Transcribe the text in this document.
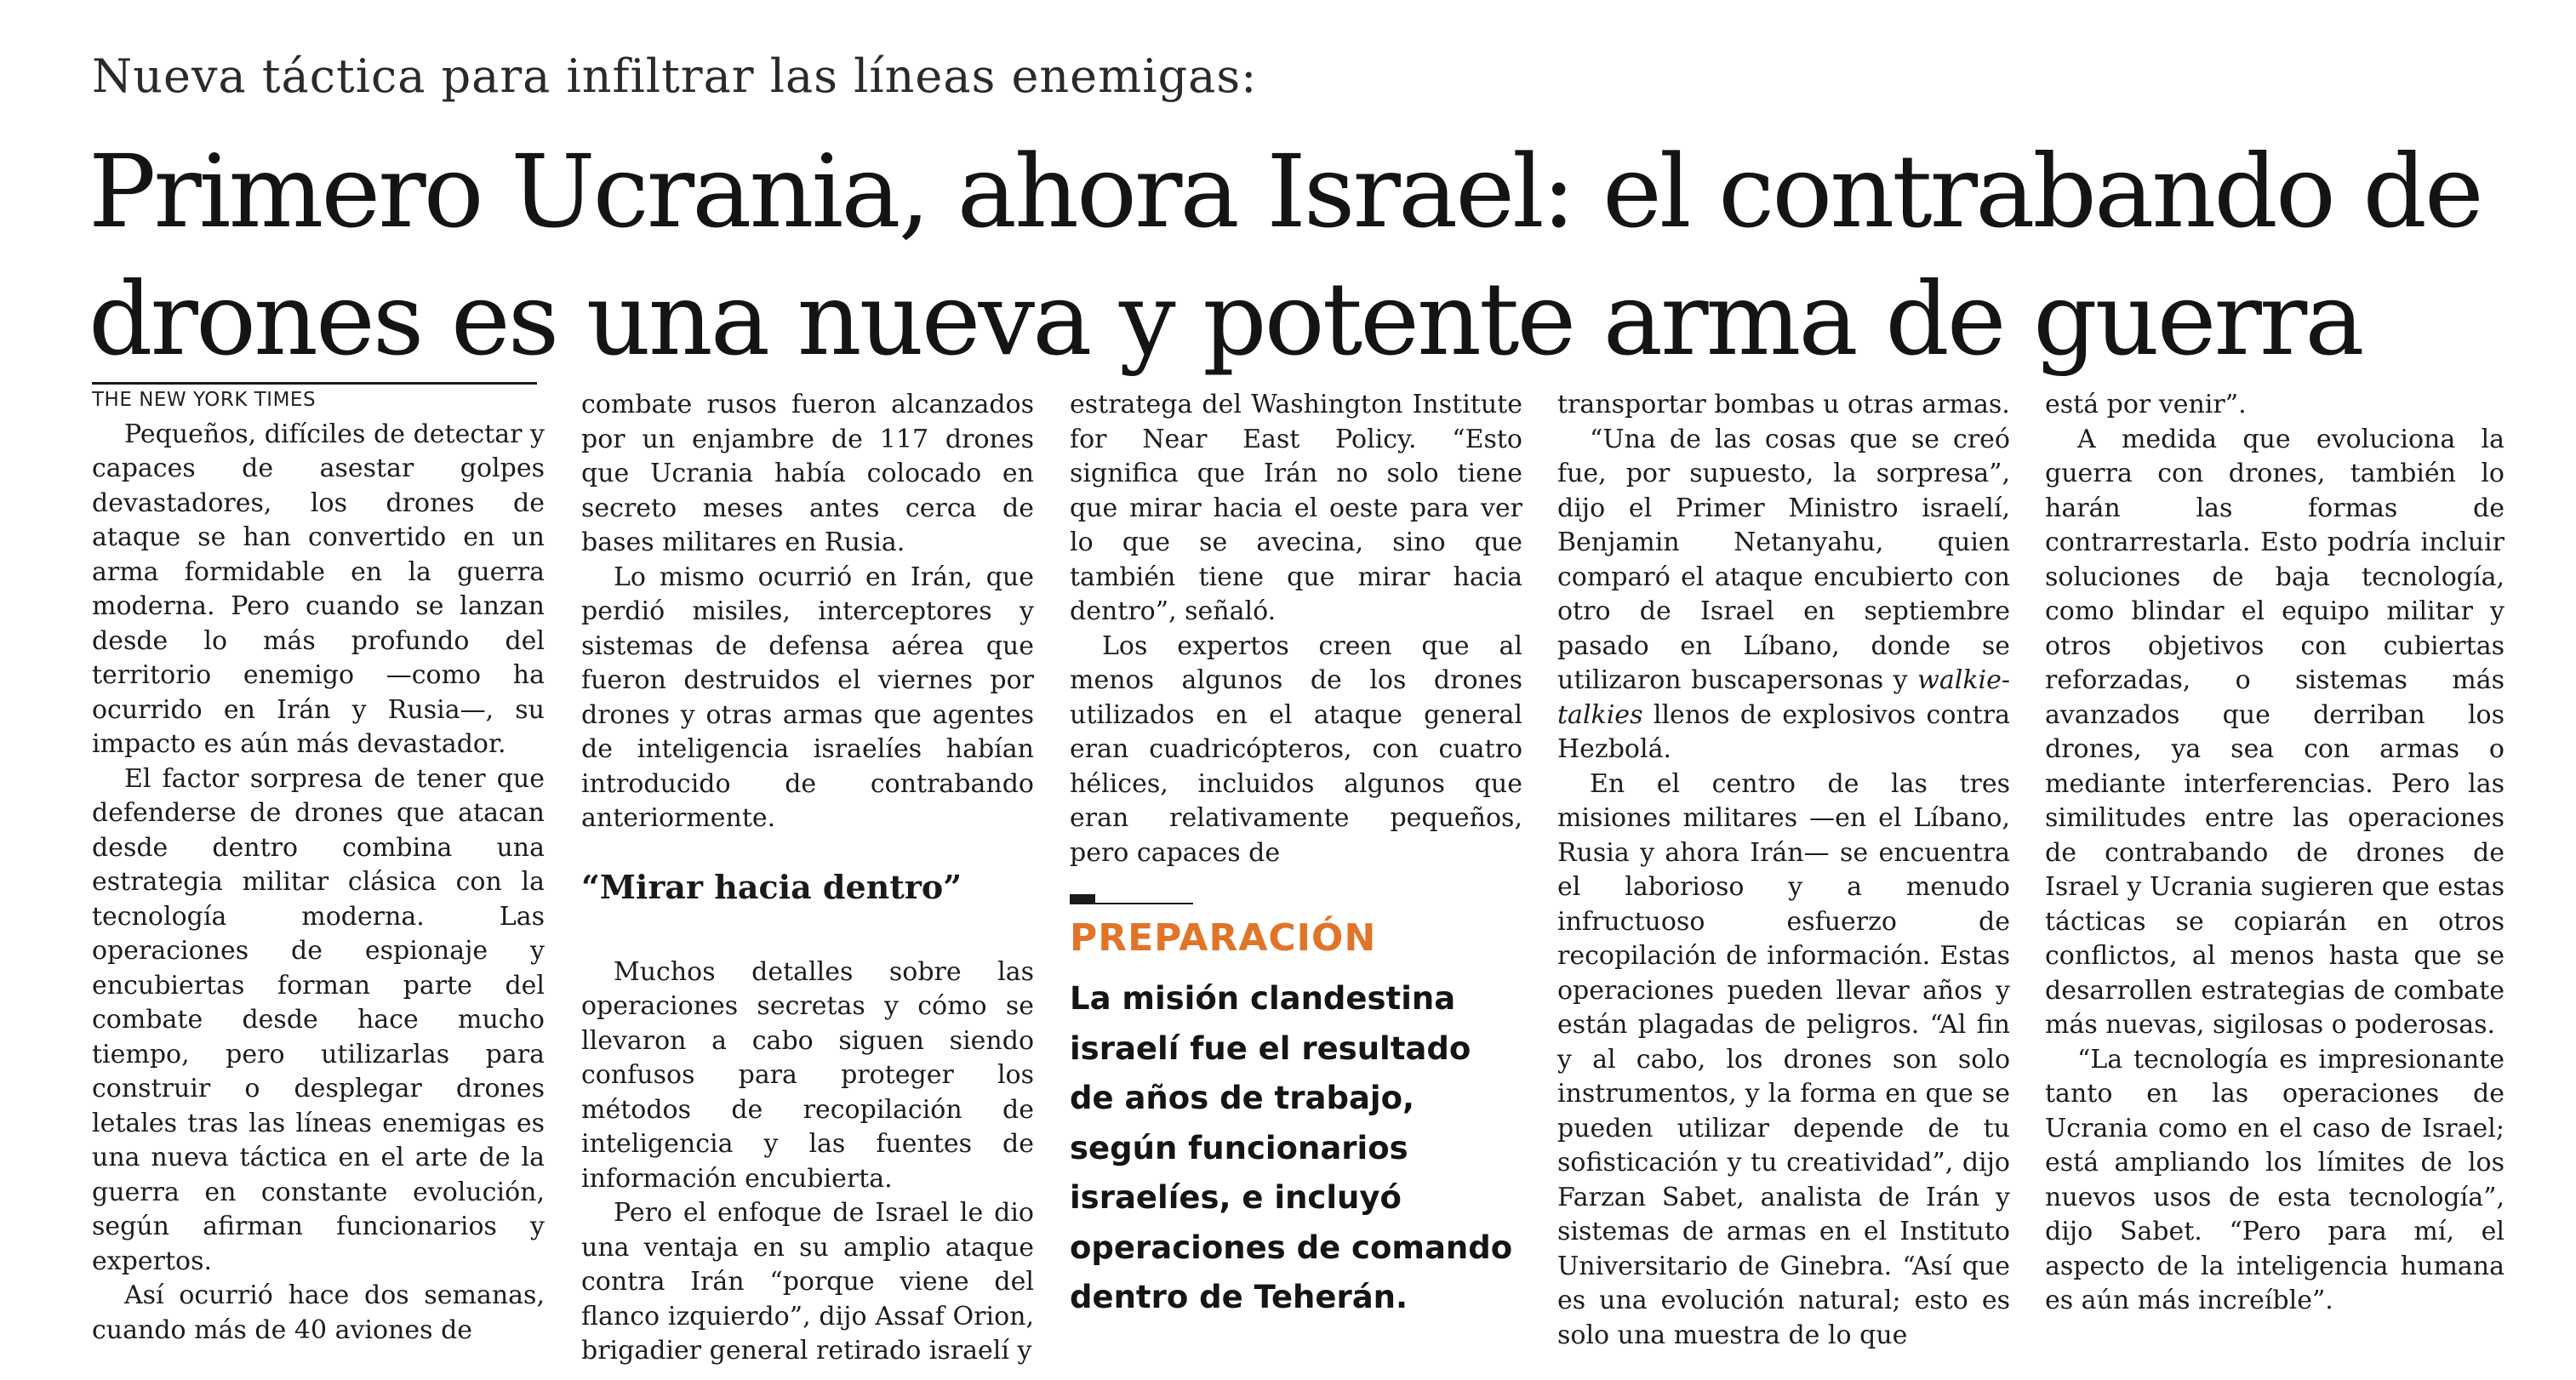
Nueva táctica para infiltrar las líneas enemigas:
Primero Ucrania, ahora Israel: el contrabando de
drones es una nueva y potente arma de guerra

THE NEW YORK TIMES

Pequeños, difíciles de detectar y capaces de asestar golpes devastadores, los drones de ataque se han convertido en un arma formidable en la guerra moderna. Pero cuando se lanzan desde lo más profundo del territorio enemigo —como ha ocurrido en Irán y Rusia—, su impacto es aún más devastador.

El factor sorpresa de tener que defenderse de drones que atacan desde dentro combina una estrategia militar clásica con la tecnología moderna. Las operaciones de espionaje y encubiertas forman parte del combate desde hace mucho tiempo, pero utilizarlas para construir o desplegar drones letales tras las líneas enemigas es una nueva táctica en el arte de la guerra en constante evolución, según afirman funcionarios y expertos.

Así ocurrió hace dos semanas, cuando más de 40 aviones de

combate rusos fueron alcanzados por un enjambre de 117 drones que Ucrania había colocado en secreto meses antes cerca de bases militares en Rusia.

Lo mismo ocurrió en Irán, que perdió misiles, interceptores y sistemas de defensa aérea que fueron destruidos el viernes por drones y otras armas que agentes de inteligencia israelíes habían introducido de contrabando anteriormente.

“Mirar hacia dentro”

Muchos detalles sobre las operaciones secretas y cómo se llevaron a cabo siguen siendo confusos para proteger los métodos de recopilación de inteligencia y las fuentes de información encubierta.

Pero el enfoque de Israel le dio una ventaja en su amplio ataque contra Irán “porque viene del flanco izquierdo”, dijo Assaf Orion, brigadier general retirado israelí y

estratega del Washington Institute for Near East Policy. “Esto significa que Irán no solo tiene que mirar hacia el oeste para ver lo que se avecina, sino que también tiene que mirar hacia dentro”, señaló.

Los expertos creen que al menos algunos de los drones utilizados en el ataque general eran cuadricópteros, con cuatro hélices, incluidos algunos que eran relativamente pequeños, pero capaces de

PREPARACIÓN
La misión clandestina israelí fue el resultado de años de trabajo, según funcionarios israelíes, e incluyó operaciones de comando dentro de Teherán.

transportar bombas u otras armas.

“Una de las cosas que se creó fue, por supuesto, la sorpresa”, dijo el Primer Ministro israelí, Benjamin Netanyahu, quien comparó el ataque encubierto con otro de Israel en septiembre pasado en Líbano, donde se utilizaron buscapersonas y walkie-talkies llenos de explosivos contra Hezbolá.

En el centro de las tres misiones militares —en el Líbano, Rusia y ahora Irán— se encuentra el laborioso y a menudo infructuoso esfuerzo de recopilación de información. Estas operaciones pueden llevar años y están plagadas de peligros. “Al fin y al cabo, los drones son solo instrumentos, y la forma en que se pueden utilizar depende de tu sofisticación y tu creatividad”, dijo Farzan Sabet, analista de Irán y sistemas de armas en el Instituto Universitario de Ginebra. “Así que es una evolución natural; esto es solo una muestra de lo que

está por venir”.

A medida que evoluciona la guerra con drones, también lo harán las formas de contrarrestarla. Esto podría incluir soluciones de baja tecnología, como blindar el equipo militar y otros objetivos con cubiertas reforzadas, o sistemas más avanzados que derriban los drones, ya sea con armas o mediante interferencias. Pero las similitudes entre las operaciones de contrabando de drones de Israel y Ucrania sugieren que estas tácticas se copiarán en otros conflictos, al menos hasta que se desarrollen estrategias de combate más nuevas, sigilosas o poderosas.

“La tecnología es impresionante tanto en las operaciones de Ucrania como en el caso de Israel; está ampliando los límites de los nuevos usos de esta tecnología”, dijo Sabet. “Pero para mí, el aspecto de la inteligencia humana es aún más increíble”.
